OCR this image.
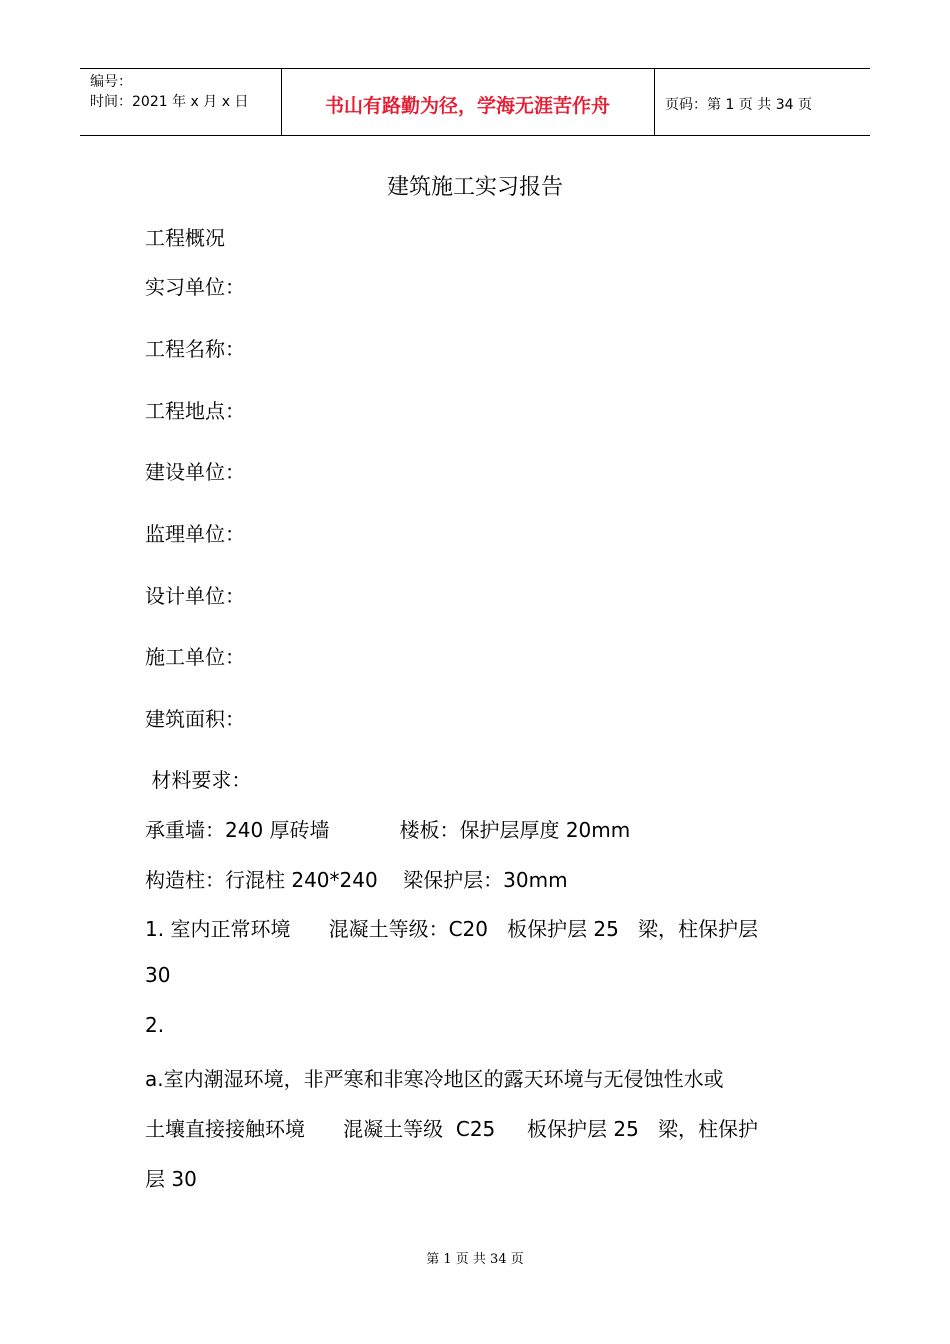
编号：
时间：2021 年 x 月 x 日	书山有路勤为径，学海无涯苦作舟	页码：第 1 页 共 34 页
建筑施工实习报告
工程概况
实习单位：
工程名称：
工程地点：
建设单位：
监理单位：
设计单位：
施工单位：
建筑面积：
材料要求：
承重墙：240 厚砖墙           楼板：保护层厚度 20mm
构造柱：行混柱 240*240    梁保护层：30mm
1. 室内正常环境      混凝土等级：C20   板保护层 25   梁，柱保护层
30
2.
a.室内潮湿环境，非严寒和非寒冷地区的露天环境与无侵蚀性水或
土壤直接接触环境      混凝土等级  C25     板保护层 25   梁，柱保护
层 30
第 1 页 共 34 页
